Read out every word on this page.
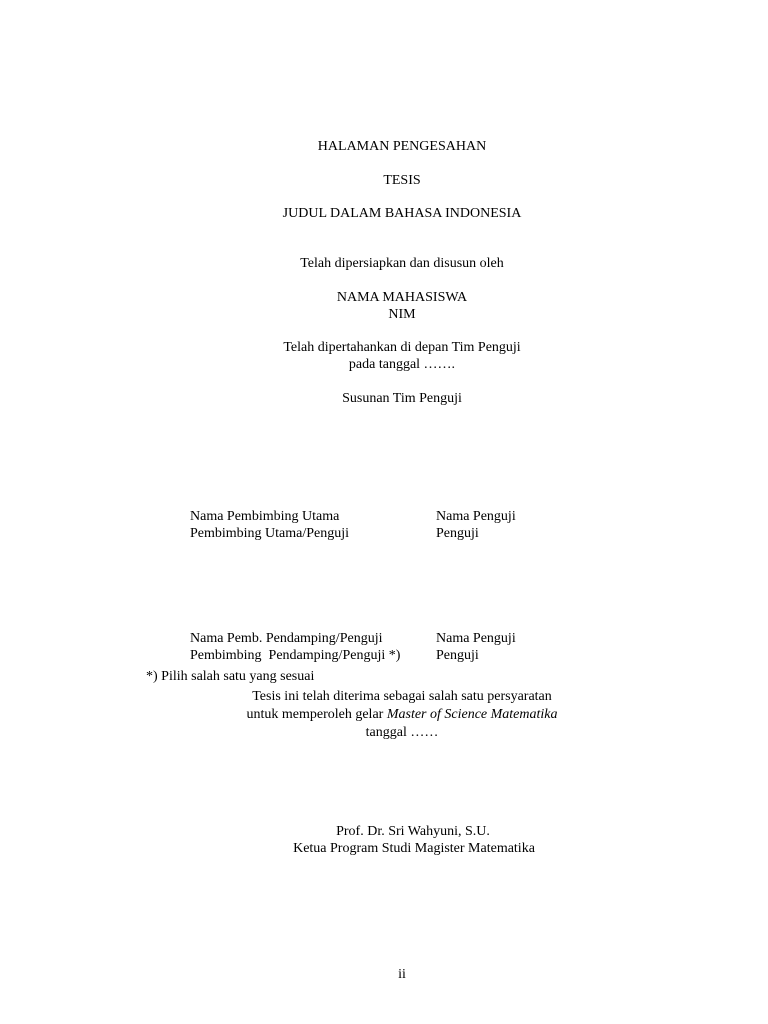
HALAMAN PENGESAHAN
TESIS
JUDUL DALAM BAHASA INDONESIA
Telah dipersiapkan dan disusun oleh
NAMA MAHASISWA
NIM
Telah dipertahankan di depan Tim Penguji
pada tanggal …….
Susunan Tim Penguji
Nama Pembimbing Utama
Pembimbing Utama/Penguji
Nama Penguji
Penguji
Nama Pemb. Pendamping/Penguji
Pembimbing  Pendamping/Penguji *)
Nama Penguji
Penguji
*) Pilih salah satu yang sesuai
Tesis ini telah diterima sebagai salah satu persyaratan
untuk memperoleh gelar Master of Science Matematika
tanggal ……
Prof. Dr. Sri Wahyuni, S.U.
Ketua Program Studi Magister Matematika
ii
